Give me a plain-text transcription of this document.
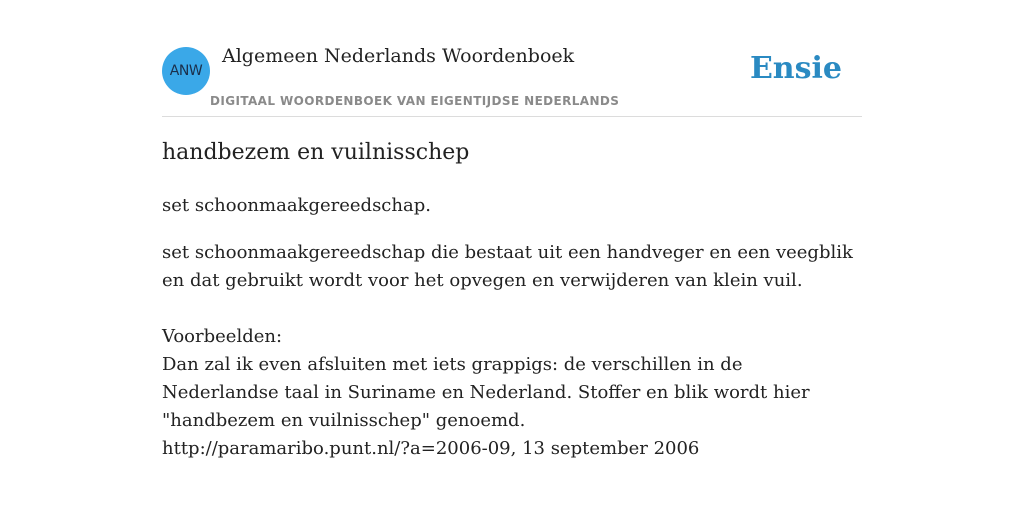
ANW
Algemeen Nederlands Woordenboek
DIGITAAL WOORDENBOEK VAN EIGENTIJDSE NEDERLANDS
Ensie
handbezem en vuilnisschep

set schoonmaakgereedschap.

set schoonmaakgereedschap die bestaat uit een handveger en een veegblik en dat gebruikt wordt voor het opvegen en verwijderen van klein vuil.

Voorbeelden:
Dan zal ik even afsluiten met iets grappigs: de verschillen in de Nederlandse taal in Suriname en Nederland. Stoffer en blik wordt hier "handbezem en vuilnisschep" genoemd.
http://paramaribo.punt.nl/?a=2006-09, 13 september 2006
